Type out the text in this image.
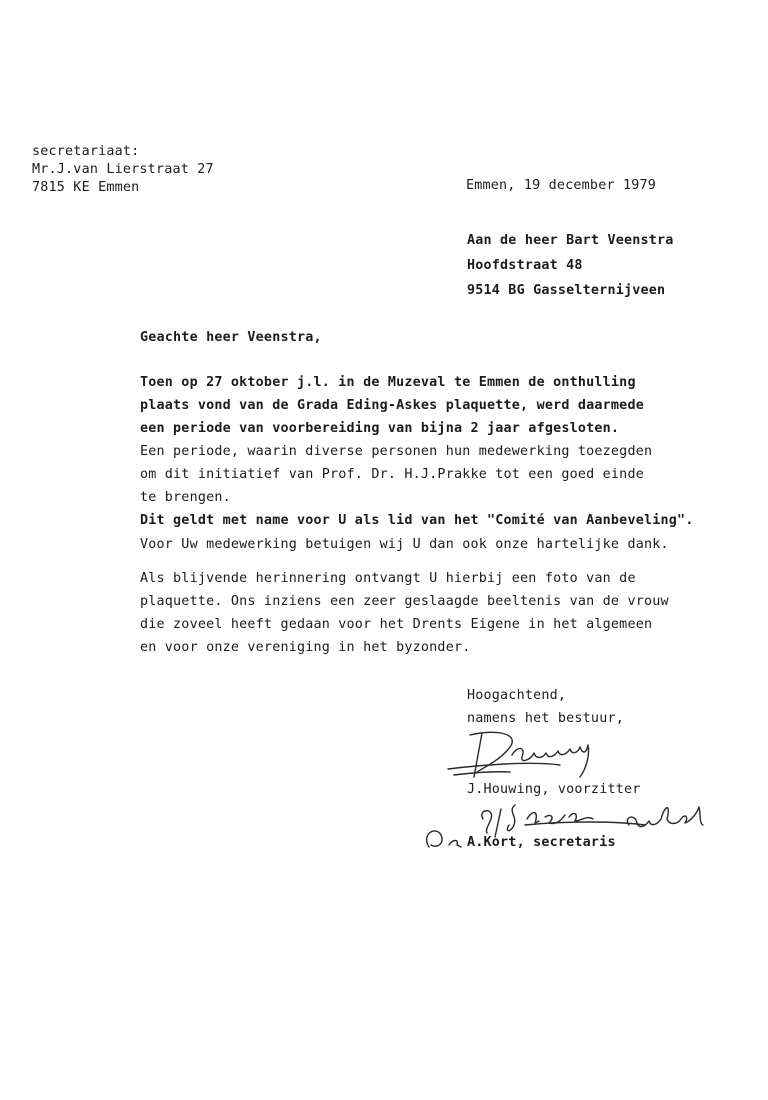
secretariaat:
Mr.J.van Lierstraat 27
7815 KE Emmen	Emmen, 19 december 1979
Aan de heer Bart Veenstra
Hoofdstraat 48
9514 BG Gasselternijveen
Geachte heer Veenstra,
Toen op 27 oktober j.l. in de Muzeval te Emmen de onthulling
plaats vond van de Grada Eding-Askes plaquette, werd daarmede
een periode van voorbereiding van bijna 2 jaar afgesloten.
Een periode, waarin diverse personen hun medewerking toezegden
om dit initiatief van Prof. Dr. H.J.Prakke tot een goed einde
te brengen.
Dit geldt met name voor U als lid van het "Comité van Aanbeveling".
Voor Uw medewerking betuigen wij U dan ook onze hartelijke dank.
Als blijvende herinnering ontvangt U hierbij een foto van de
plaquette. Ons inziens een zeer geslaagde beeltenis van de vrouw
die zoveel heeft gedaan voor het Drents Eigene in het algemeen
en voor onze vereniging in het byzonder.
Hoogachtend,
namens het bestuur,
J.Houwing, voorzitter
A.Kort, secretaris
